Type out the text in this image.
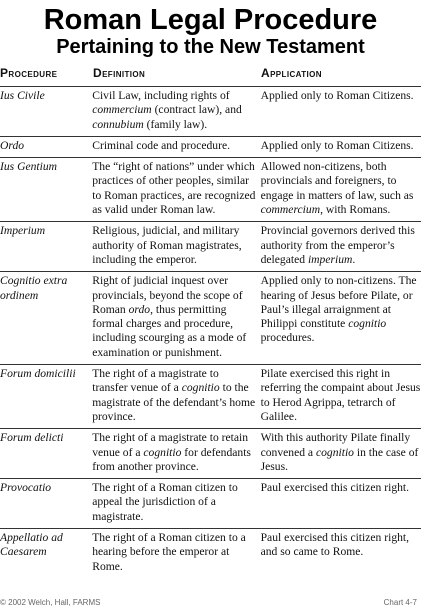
Roman Legal Procedure
Pertaining to the New Testament
Procedure	Definition	Application
Ius Civile	Civil Law, including rights of commercium (contract law), and connubium (family law).	Applied only to Roman Citizens.
Ordo	Criminal code and procedure.	Applied only to Roman Citizens.
Ius Gentium	The “right of nations” under which practices of other peoples, similar to Roman practices, are recognized as valid under Roman law.	Allowed non-citizens, both provincials and foreigners, to engage in matters of law, such as commercium, with Romans.
Imperium	Religious, judicial, and military authority of Roman magistrates, including the emperor.	Provincial governors derived this authority from the emperor’s delegated imperium.
Cognitio extra ordinem	Right of judicial inquest over provincials, beyond the scope of Roman ordo, thus permitting formal charges and procedure, including scourging as a mode of examination or punishment.	Applied only to non-citizens. The hearing of Jesus before Pilate, or Paul’s illegal arraignment at Philippi constitute cognitio procedures.
Forum domicilii	The right of a magistrate to transfer venue of a cognitio to the magistrate of the defendant’s home province.	Pilate exercised this right in referring the compaint about Jesus to Herod Agrippa, tetrarch of Galilee.
Forum delicti	The right of a magistrate to retain venue of a cognitio for defendants from another province.	With this authority Pilate finally convened a cognitio in the case of Jesus.
Provocatio	The right of a Roman citizen to appeal the jurisdiction of a magistrate.	Paul exercised this citizen right.
Appellatio ad Caesarem	The right of a Roman citizen to a hearing before the emperor at Rome.	Paul exercised this citizen right, and so came to Rome.
© 2002 Welch, Hall, FARMS	Chart 4-7
